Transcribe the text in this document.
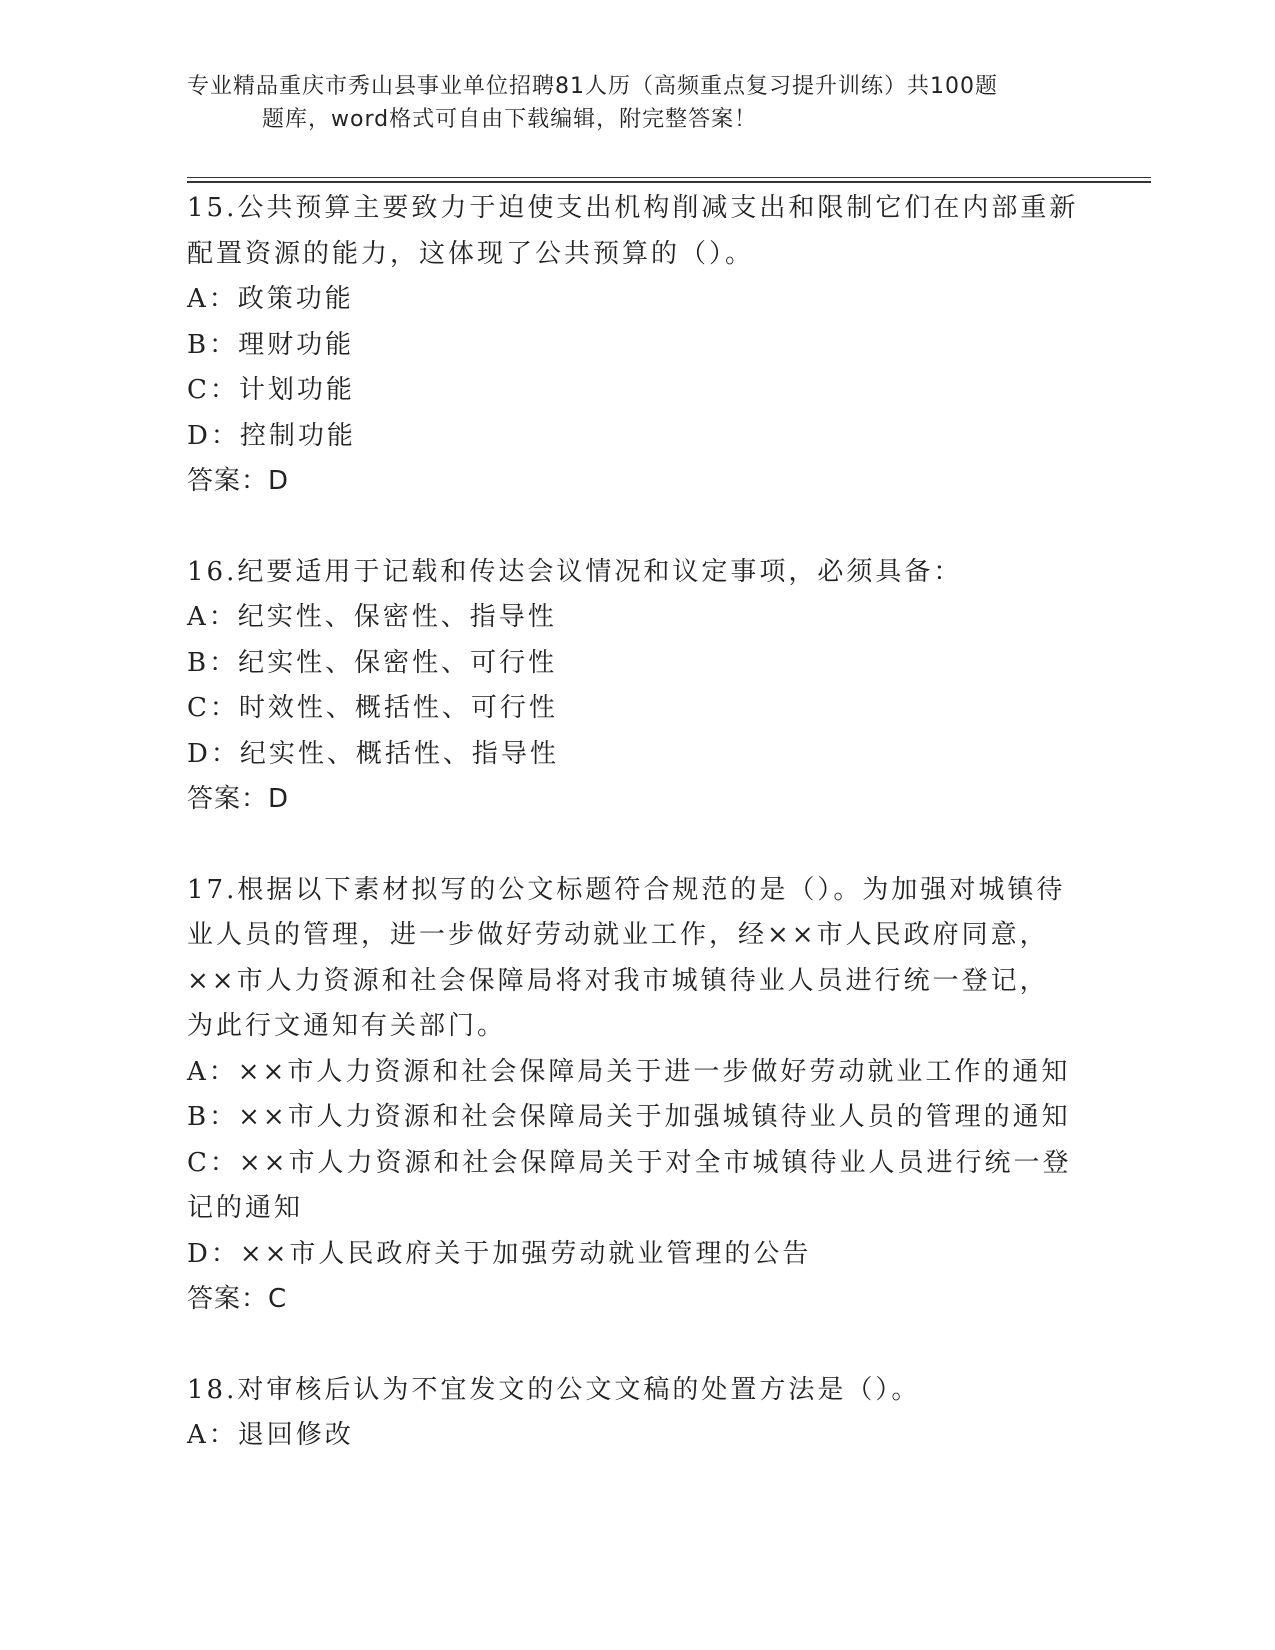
专业精品重庆市秀山县事业单位招聘81人历（高频重点复习提升训练）共100题
题库，word格式可自由下载编辑，附完整答案！
15.公共预算主要致力于迫使支出机构削减支出和限制它们在内部重新
配置资源的能力，这体现了公共预算的（）。
A：政策功能
B：理财功能
C：计划功能
D：控制功能
答案：D
16.纪要适用于记载和传达会议情况和议定事项，必须具备：
A：纪实性、保密性、指导性
B：纪实性、保密性、可行性
C：时效性、概括性、可行性
D：纪实性、概括性、指导性
答案：D
17.根据以下素材拟写的公文标题符合规范的是（）。为加强对城镇待
业人员的管理，进一步做好劳动就业工作，经××市人民政府同意，
××市人力资源和社会保障局将对我市城镇待业人员进行统一登记，
为此行文通知有关部门。
A：××市人力资源和社会保障局关于进一步做好劳动就业工作的通知
B：××市人力资源和社会保障局关于加强城镇待业人员的管理的通知
C：××市人力资源和社会保障局关于对全市城镇待业人员进行统一登
记的通知
D：××市人民政府关于加强劳动就业管理的公告
答案：C
18.对审核后认为不宜发文的公文文稿的处置方法是（）。
A：退回修改
